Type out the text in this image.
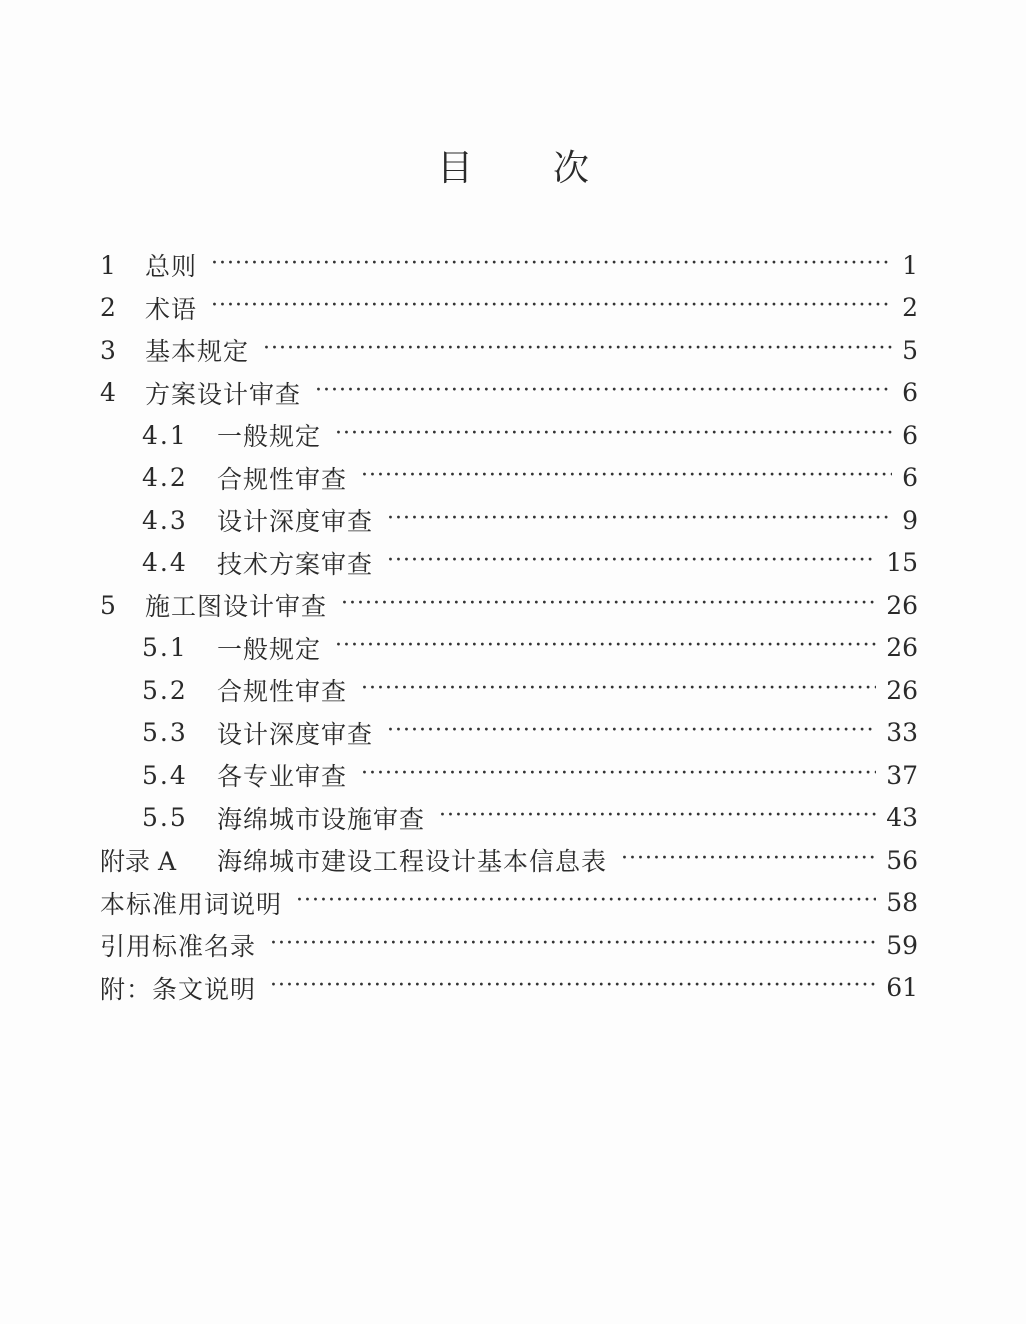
目 次
1	总则 ·····	1
2	术语 ·····	2
3	基本规定 ·····	5
4	方案设计审查 ·····	6
4.1	一般规定 ·····	6
4.2	合规性审查 ·····	6
4.3	设计深度审查 ·····	9
4.4	技术方案审查 ·····	15
5	施工图设计审查 ·····	26
5.1	一般规定 ·····	26
5.2	合规性审查 ·····	26
5.3	设计深度审查 ·····	33
5.4	各专业审查 ·····	37
5.5	海绵城市设施审查 ·····	43
附录 A	海绵城市建设工程设计基本信息表 ·····	56
本标准用词说明 ·····	58
引用标准名录 ·····	59
附：条文说明 ·····	61
